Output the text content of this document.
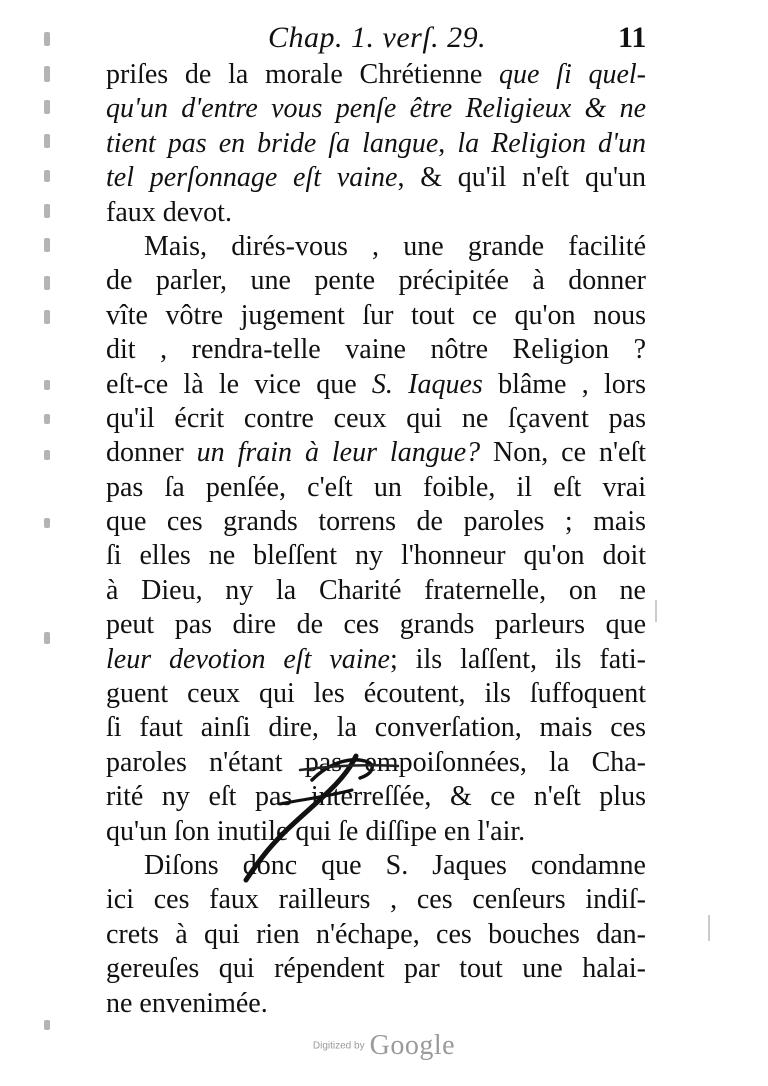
Chap. 1. verſ. 29.	11
priſes de la morale Chrétienne que ſi quel-
qu'un d'entre vous penſe être Religieux & ne
tient pas en bride ſa langue, la Religion d'un
tel perſonnage eſt vaine, & qu'il n'eſt qu'un
faux devot.
Mais, dirés-vous , une grande facilité
de parler, une pente précipitée à donner
vîte vôtre jugement ſur tout ce qu'on nous
dit , rendra-telle vaine nôtre Religion ?
eſt-ce là le vice que S. Iaques blâme , lors
qu'il écrit contre ceux qui ne ſçavent pas
donner un frain à leur langue? Non, ce n'eſt
pas ſa penſée, c'eſt un foible, il eſt vrai
que ces grands torrens de paroles ; mais
ſi elles ne bleſſent ny l'honneur qu'on doit
à Dieu, ny la Charité fraternelle, on ne
peut pas dire de ces grands parleurs que
leur devotion eſt vaine; ils laſſent, ils fati-
guent ceux qui les écoutent, ils ſuffoquent
ſi faut ainſi dire, la converſation, mais ces
paroles n'étant pas empoiſonnées, la Cha-
rité ny eſt pas interreſſée, & ce n'eſt plus
qu'un ſon inutile qui ſe diſſipe en l'air.
Diſons donc que S. Jaques condamne
ici ces faux railleurs , ces cenſeurs indiſ-
crets à qui rien n'échape, ces bouches dan-
gereuſes qui répendent par tout une halai-
ne envenimée.
Digitized by Google
